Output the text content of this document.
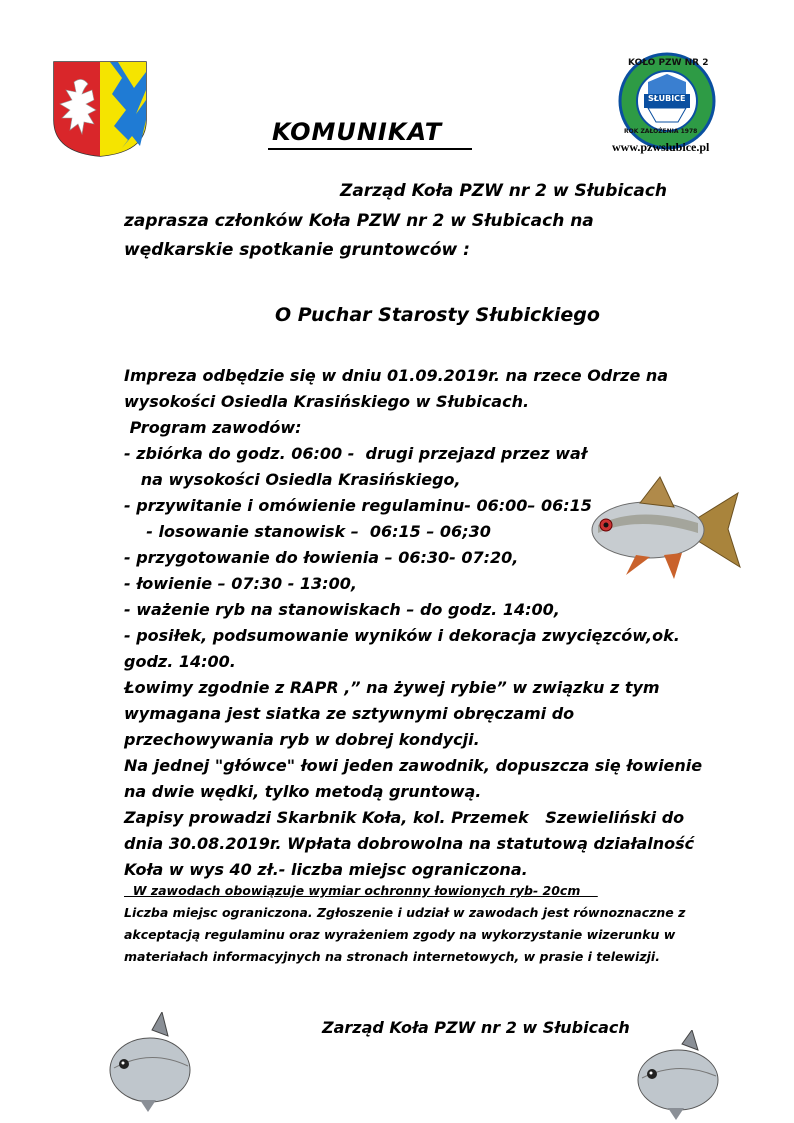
KOŁO PZW NR 2
SŁUBICE
ROK ZAŁOŻENIA 1978
www.pzwslubice.pl
KOMUNIKAT
Zarząd Koła PZW nr 2 w Słubicach
zaprasza członków Koła PZW nr 2 w Słubicach na
wędkarskie spotkanie gruntowców :
O Puchar Starosty Słubickiego
Impreza odbędzie się w dniu 01.09.2019r. na rzece Odrze na
wysokości Osiedla Krasińskiego w Słubicach.
Program zawodów:
- zbiórka do godz. 06:00 -  drugi przejazd przez wał
na wysokości Osiedla Krasińskiego,
- przywitanie i omówienie regulaminu- 06:00– 06:15
- losowanie stanowisk –  06:15 – 06;30
- przygotowanie do łowienia – 06:30- 07:20,
- łowienie – 07:30 - 13:00,
- ważenie ryb na stanowiskach – do godz. 14:00,
- posiłek, podsumowanie wyników i dekoracja zwycięzców,ok.
godz. 14:00.
Łowimy zgodnie z RAPR ,” na żywej rybie” w związku z tym
wymagana jest siatka ze sztywnymi obręczami do
przechowywania ryb w dobrej kondycji.
Na jednej "główce" łowi jeden zawodnik, dopuszcza się łowienie
na dwie wędki, tylko metodą gruntową.
Zapisy prowadzi Skarbnik Koła, kol. Przemek   Szewieliński do
dnia 30.08.2019r. Wpłata dobrowolna na statutową działalność
Koła w wys 40 zł.- liczba miejsc ograniczona.
W zawodach obowiązuje wymiar ochronny łowionych ryb- 20cm
Liczba miejsc ograniczona. Zgłoszenie i udział w zawodach jest równoznaczne z
akceptacją regulaminu oraz wyrażeniem zgody na wykorzystanie wizerunku w
materiałach informacyjnych na stronach internetowych, w prasie i telewizji.
Zarząd Koła PZW nr 2 w Słubicach
